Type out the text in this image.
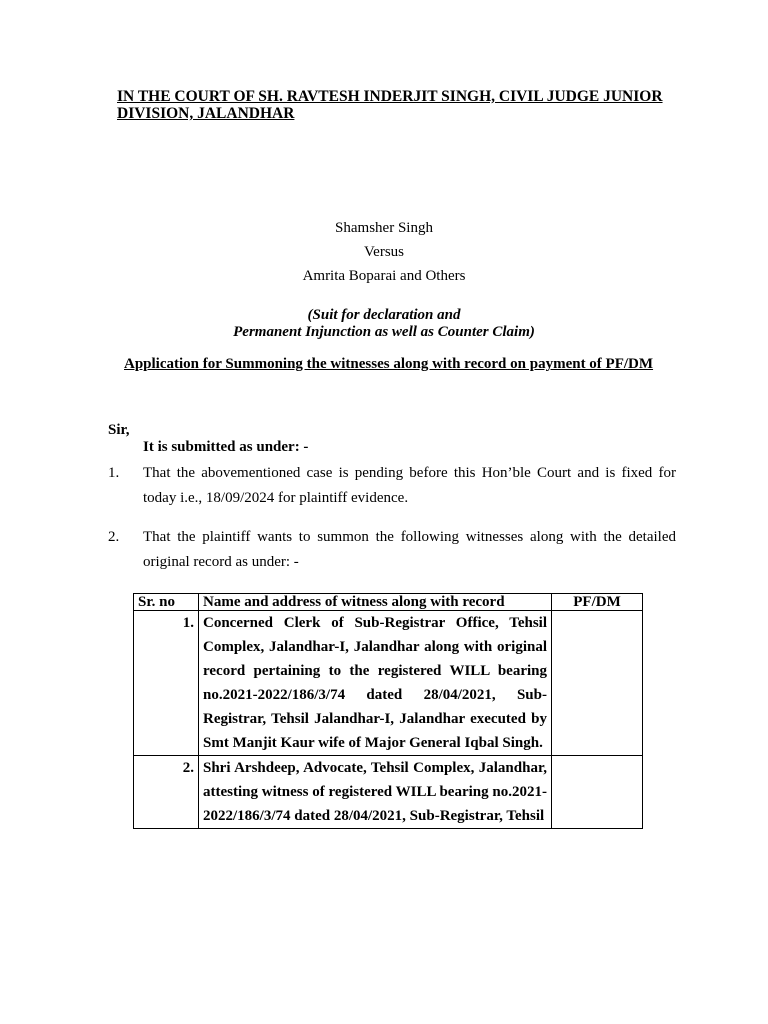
IN THE COURT OF SH. RAVTESH INDERJIT SINGH, CIVIL JUDGE JUNIOR DIVISION, JALANDHAR
Shamsher Singh
Versus
Amrita Boparai and Others
(Suit for declaration and
Permanent Injunction as well as Counter Claim)
Application for Summoning the witnesses along with record on payment of PF/DM
Sir,
It is submitted as under: -
1. That the abovementioned case is pending before this Hon’ble Court and is fixed for today i.e., 18/09/2024 for plaintiff evidence.
2. That the plaintiff wants to summon the following witnesses along with the detailed original record as under: -
Sr. no	Name and address of witness along with record	PF/DM
1.	Concerned Clerk of Sub-Registrar Office, Tehsil Complex, Jalandhar-I, Jalandhar along with original record pertaining to the registered WILL bearing no.2021-2022/186/3/74 dated 28/04/2021, Sub-Registrar, Tehsil Jalandhar-I, Jalandhar executed by Smt Manjit Kaur wife of Major General Iqbal Singh.	
2.	Shri Arshdeep, Advocate, Tehsil Complex, Jalandhar, attesting witness of registered WILL bearing no.2021-2022/186/3/74 dated 28/04/2021, Sub-Registrar, Tehsil	
